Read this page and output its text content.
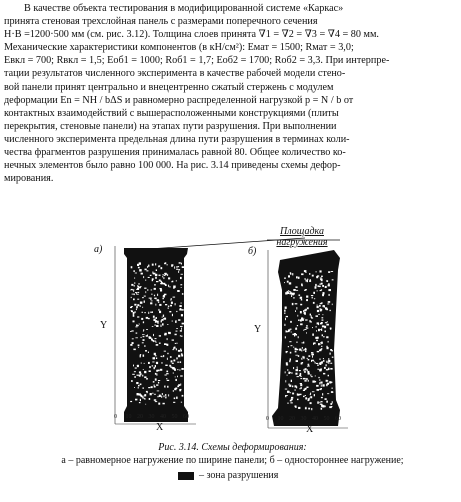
В качестве объекта тестирования в модифицированной системе «Каркас»

принята стеновая трехслойная панель с размерами поперечного сечения

H·B =1200·500 мм (см. рис. 3.12). Толщина слоев принята ∇1 = ∇2 = ∇3 = ∇4 = 80 мм.

Механические характеристики компонентов (в кН/см²): Eмат = 1500; Rмат = 3,0;

Eвкл = 700; Rвкл = 1,5; Eоб1 = 1000; Rоб1 = 1,7; Eоб2 = 1700; Rоб2 = 3,3. При интерпре-

тации результатов численного эксперимента в качестве рабочей модели стено-

вой панели принят центрально и внецентренно сжатый стержень с модулем

деформации En = NH / bΔS и равномерно распределенной нагрузкой p = N / b от

контактных взаимодействий с вышерасположенными конструкциями (плиты

перекрытия, стеновые панели) на этапах пути разрушения. При выполнении

численного эксперимента предельная длина пути разрушения в терминах коли-

чества фрагментов разрушения принималась равной 80. Общее количество ко-

нечных элементов было равно 100 000. На рис. 3.14 приведены схемы дефор-

мирования.

Площадка
нагружения
а)	б)
Y	Y
X	X
0 10 20 30 40 50 60	0 10 20 30 40 50 60
Рис. 3.14. Схемы деформирования:
а – равномерное нагружение по ширине панели; б – одностороннее нагружение;
– зона разрушения
